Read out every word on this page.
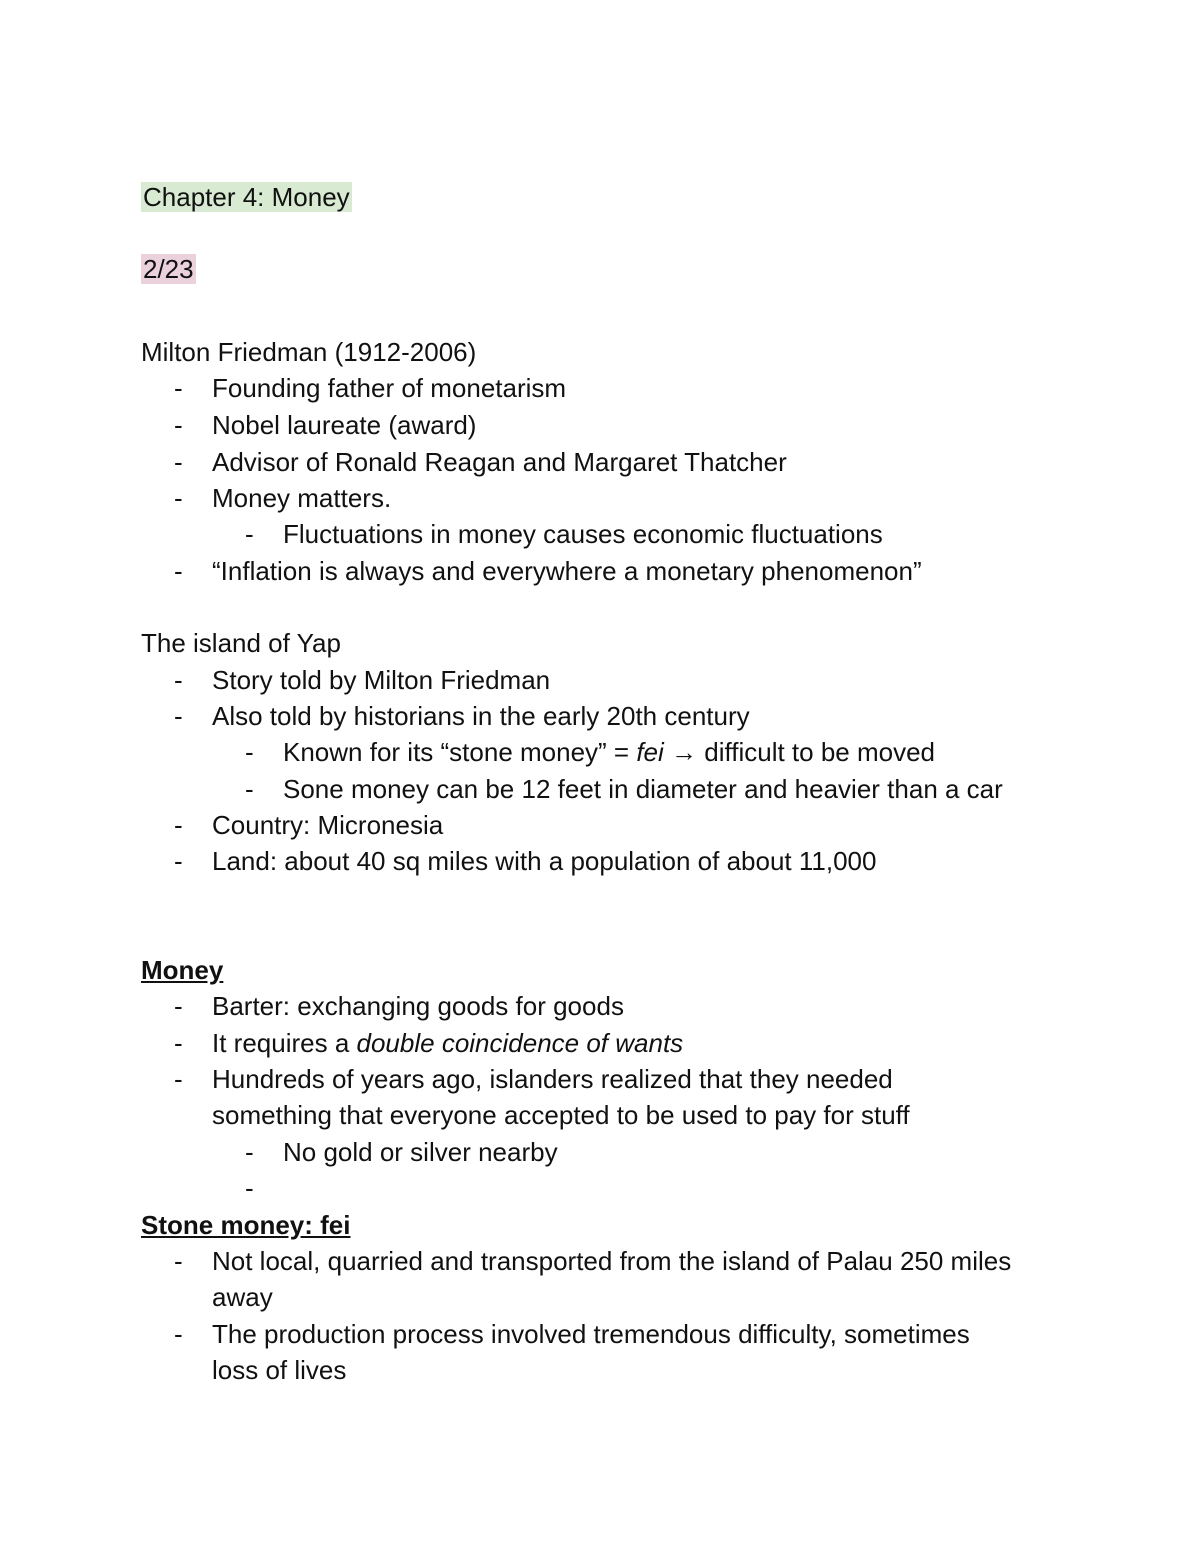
Chapter 4: Money
2/23
Milton Friedman (1912-2006)
- Founding father of monetarism
- Nobel laureate (award)
- Advisor of Ronald Reagan and Margaret Thatcher
- Money matters.
- Fluctuations in money causes economic fluctuations
- “Inflation is always and everywhere a monetary phenomenon”
The island of Yap
- Story told by Milton Friedman
- Also told by historians in the early 20th century
- Known for its “stone money” = fei → difficult to be moved
- Sone money can be 12 feet in diameter and heavier than a car
- Country: Micronesia
- Land: about 40 sq miles with a population of about 11,000
Money
- Barter: exchanging goods for goods
- It requires a double coincidence of wants
- Hundreds of years ago, islanders realized that they needed
something that everyone accepted to be used to pay for stuff
- No gold or silver nearby
-
Stone money: fei
- Not local, quarried and transported from the island of Palau 250 miles
away
- The production process involved tremendous difficulty, sometimes
loss of lives
